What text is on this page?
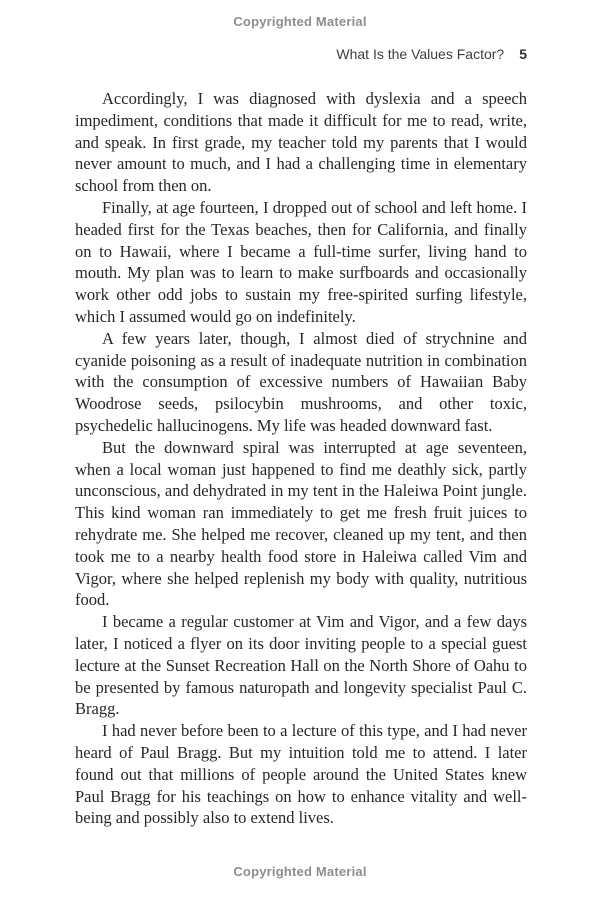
Copyrighted Material
What Is the Values Factor? 5

Accordingly, I was diagnosed with dyslexia and a speech impediment, conditions that made it difficult for me to read, write, and speak. In first grade, my teacher told my parents that I would never amount to much, and I had a challenging time in elementary school from then on.

Finally, at age fourteen, I dropped out of school and left home. I headed first for the Texas beaches, then for California, and finally on to Hawaii, where I became a full-time surfer, living hand to mouth. My plan was to learn to make surfboards and occasionally work other odd jobs to sustain my free-spirited surfing lifestyle, which I assumed would go on indefinitely.

A few years later, though, I almost died of strychnine and cyanide poisoning as a result of inadequate nutrition in combination with the consumption of excessive numbers of Hawaiian Baby Woodrose seeds, psilocybin mushrooms, and other toxic, psychedelic hallucinogens. My life was headed downward fast.

But the downward spiral was interrupted at age seventeen, when a local woman just happened to find me deathly sick, partly unconscious, and dehydrated in my tent in the Haleiwa Point jungle. This kind woman ran immediately to get me fresh fruit juices to rehydrate me. She helped me recover, cleaned up my tent, and then took me to a nearby health food store in Haleiwa called Vim and Vigor, where she helped replenish my body with quality, nutritious food.

I became a regular customer at Vim and Vigor, and a few days later, I noticed a flyer on its door inviting people to a special guest lecture at the Sunset Recreation Hall on the North Shore of Oahu to be presented by famous naturopath and longevity specialist Paul C. Bragg.

I had never before been to a lecture of this type, and I had never heard of Paul Bragg. But my intuition told me to attend. I later found out that millions of people around the United States knew Paul Bragg for his teachings on how to enhance vitality and well-being and possibly also to extend lives.

Copyrighted Material
